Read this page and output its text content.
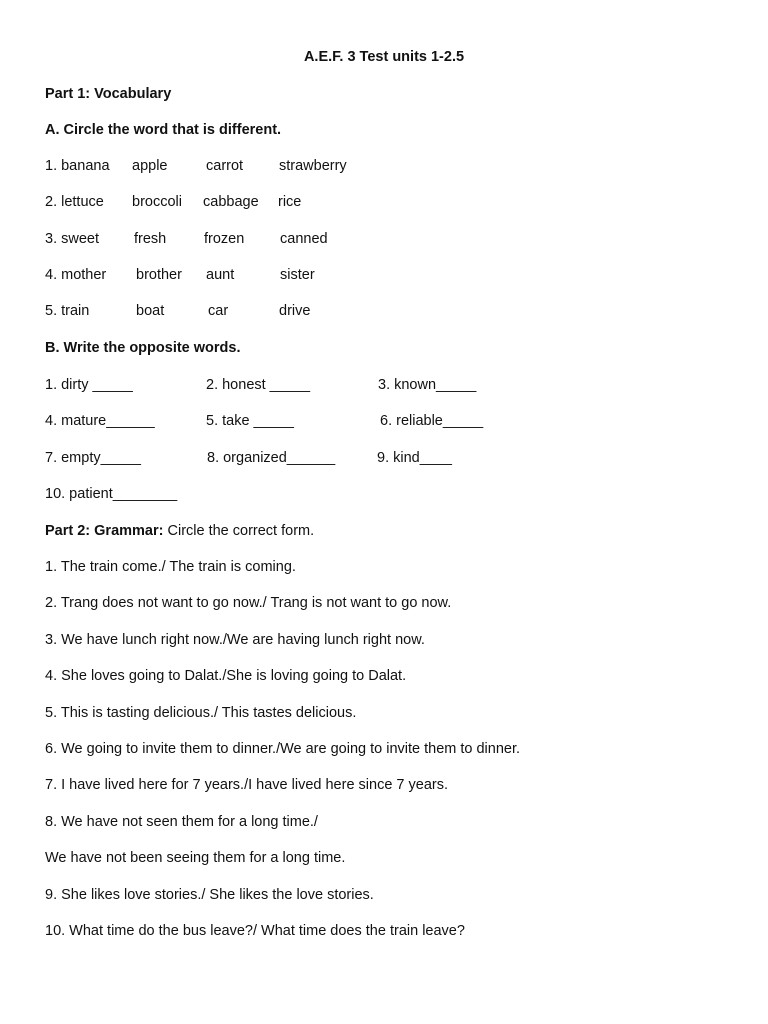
A.E.F. 3 Test units 1-2.5
Part 1: Vocabulary
A. Circle the word that is different.
1. banana apple	carrot strawberry
2. lettuce broccoli cabbage rice
3. sweet fresh	frozen canned
4. mother brother aunt	sister
5. train	boat	car	drive
B. Write the opposite words.
1. dirty _____	2. honest _____	3. known_____
4. mature______	5. take _____	6. reliable_____
7. empty_____	8. organized______	9. kind____
10. patient________
Part 2: Grammar: Circle the correct form.
1. The train come./ The train is coming.
2. Trang does not want to go now./ Trang is not want to go now.
3. We have lunch right now./We are having lunch right now.
4. She loves going to Dalat./She is loving going to Dalat.
5. This is tasting delicious./ This tastes delicious.
6. We going to invite them to dinner./We are going to invite them to dinner.
7. I have lived here for 7 years./I have lived here since 7 years.
8. We have not seen them for a long time./
We have not been seeing them for a long time.
9. She likes love stories./ She likes the love stories.
10. What time do the bus leave?/ What time does the train leave?
